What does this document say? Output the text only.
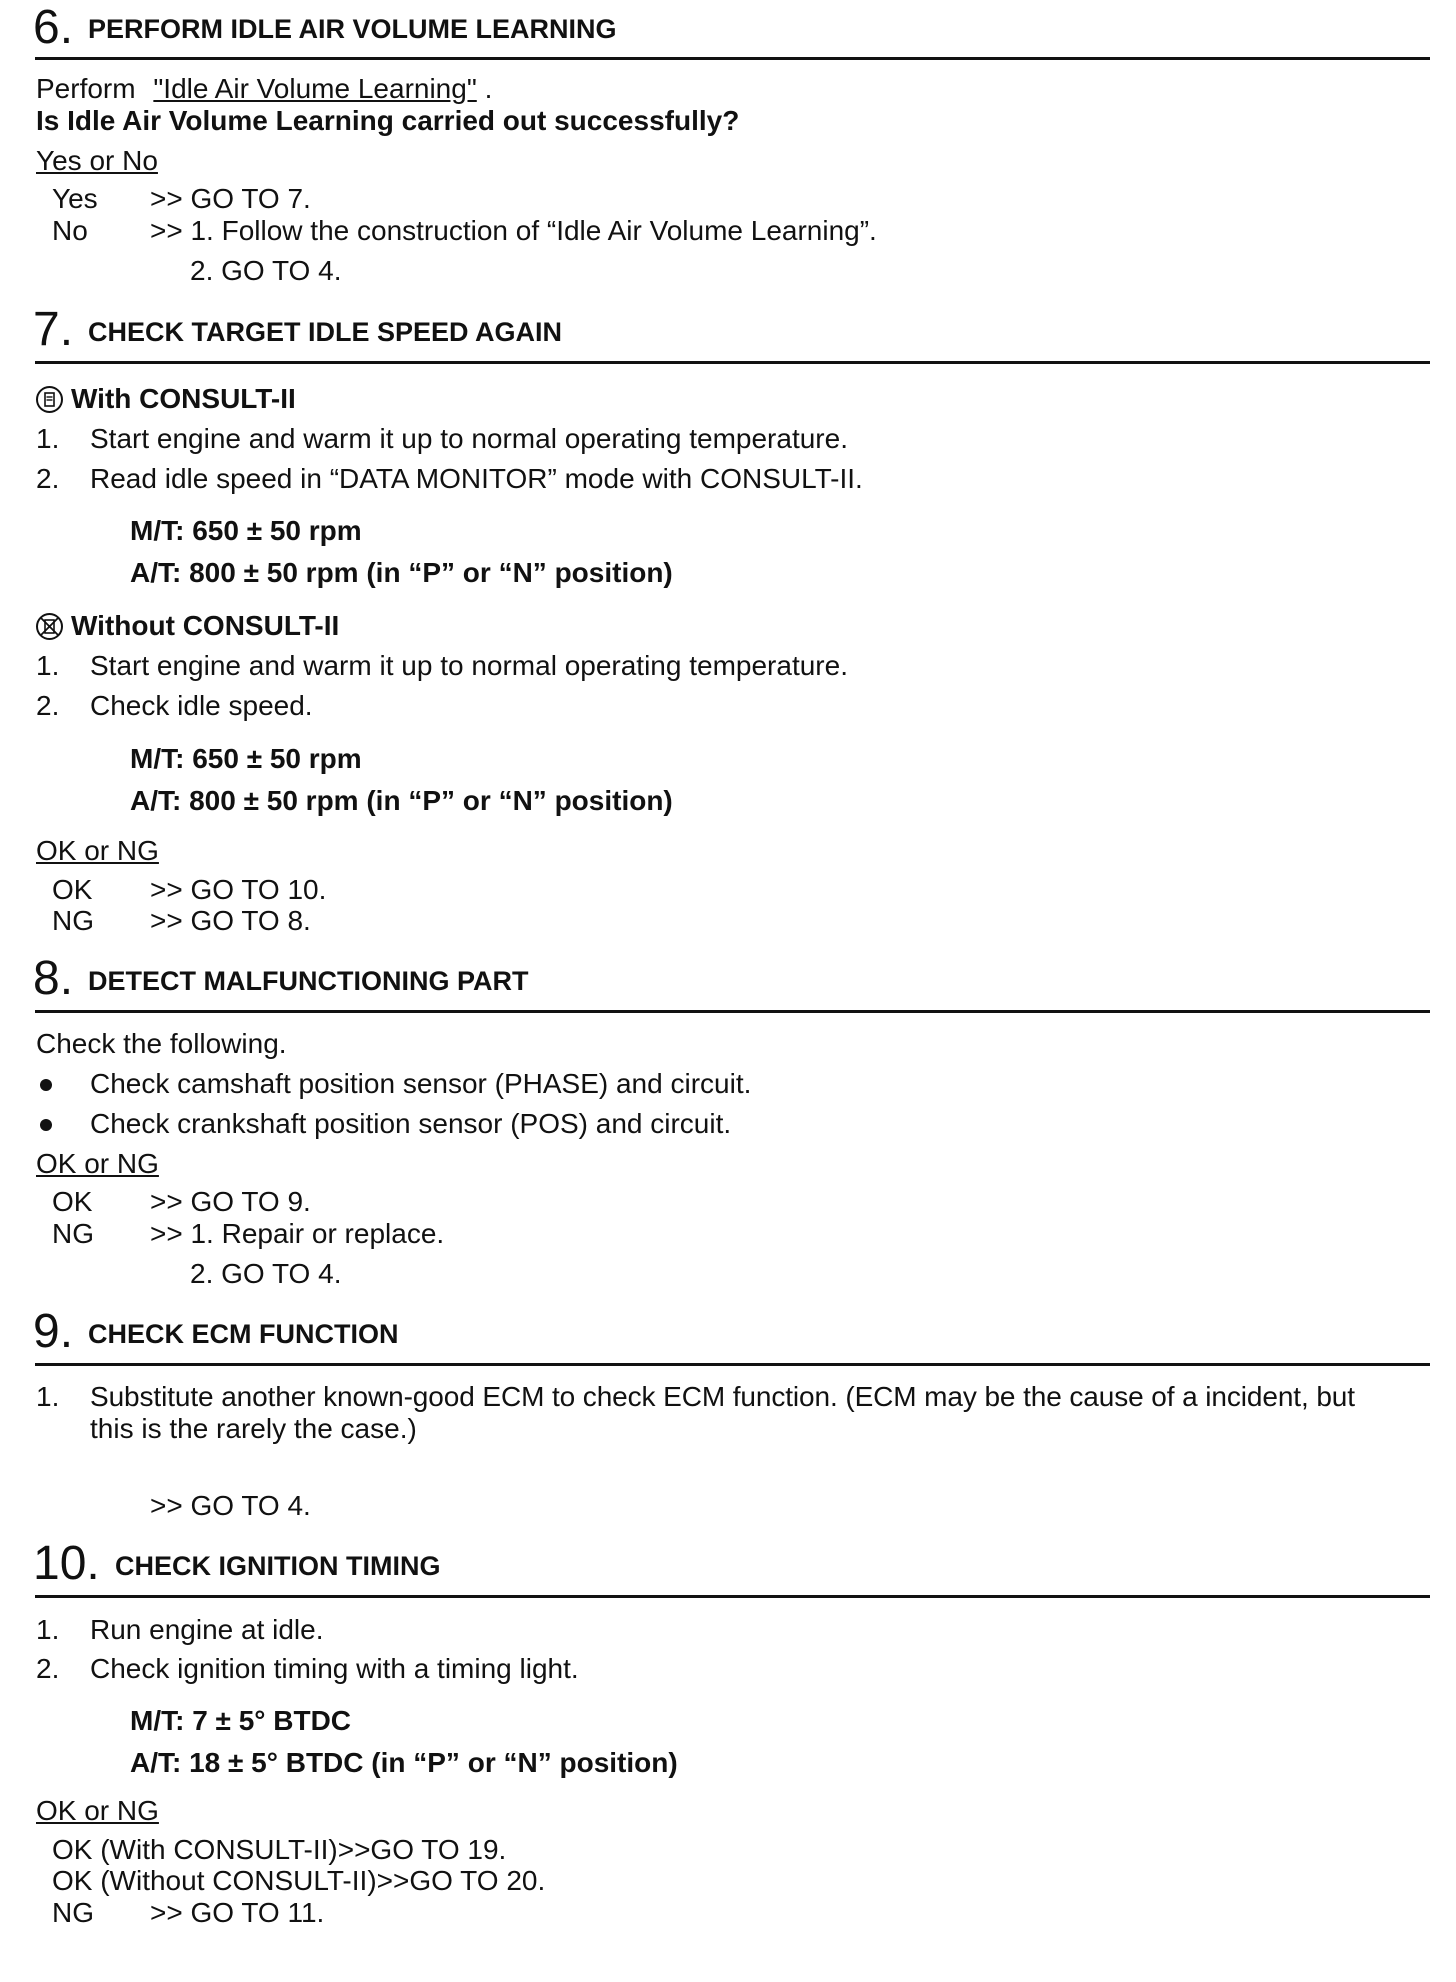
6. PERFORM IDLE AIR VOLUME LEARNING
Perform "Idle Air Volume Learning" .
Is Idle Air Volume Learning carried out successfully?
Yes or No
Yes >> GO TO 7.
No >> 1. Follow the construction of “Idle Air Volume Learning”.
2. GO TO 4.
7. CHECK TARGET IDLE SPEED AGAIN
With CONSULT-II
1. Start engine and warm it up to normal operating temperature.
2. Read idle speed in “DATA MONITOR” mode with CONSULT-II.
M/T: 650 ± 50 rpm
A/T: 800 ± 50 rpm (in “P” or “N” position)
Without CONSULT-II
1. Start engine and warm it up to normal operating temperature.
2. Check idle speed.
M/T: 650 ± 50 rpm
A/T: 800 ± 50 rpm (in “P” or “N” position)
OK or NG
OK >> GO TO 10.
NG >> GO TO 8.
8. DETECT MALFUNCTIONING PART
Check the following.
Check camshaft position sensor (PHASE) and circuit.
Check crankshaft position sensor (POS) and circuit.
OK or NG
OK >> GO TO 9.
NG >> 1. Repair or replace.
2. GO TO 4.
9. CHECK ECM FUNCTION
1. Substitute another known-good ECM to check ECM function. (ECM may be the cause of a incident, but
this is the rarely the case.)
>> GO TO 4.
10. CHECK IGNITION TIMING
1. Run engine at idle.
2. Check ignition timing with a timing light.
M/T: 7 ± 5° BTDC
A/T: 18 ± 5° BTDC (in “P” or “N” position)
OK or NG
OK (With CONSULT-II)>>GO TO 19.
OK (Without CONSULT-II)>>GO TO 20.
NG >> GO TO 11.
